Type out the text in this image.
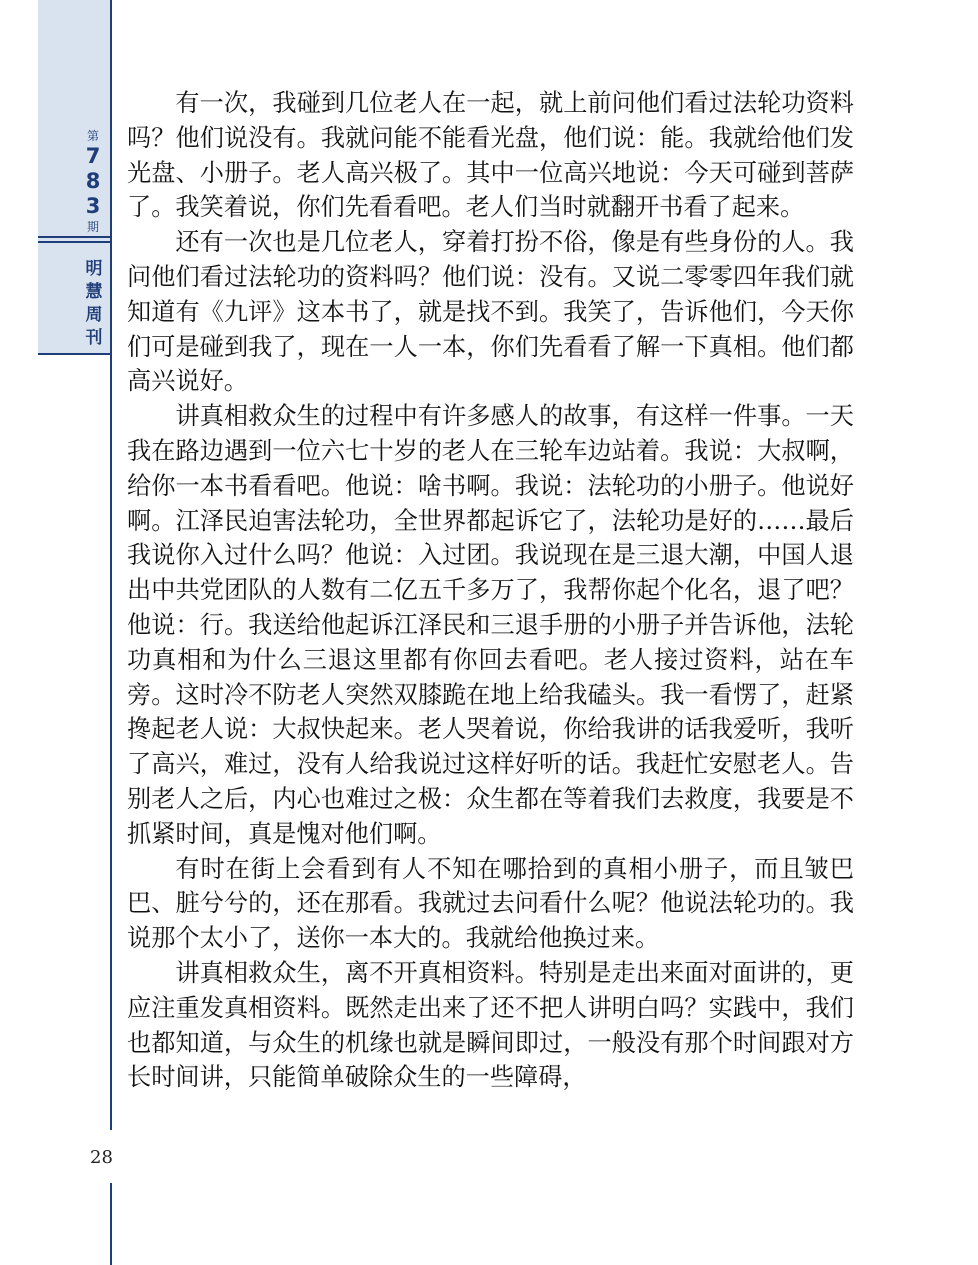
第
7
8
3
期
明
慧
周
刊
28

有一次，我碰到几位老人在一起，就上前问他们看过法轮功资料吗？他们说没有。我就问能不能看光盘，他们说：能。我就给他们发光盘、小册子。老人高兴极了。其中一位高兴地说：今天可碰到菩萨了。我笑着说，你们先看看吧。老人们当时就翻开书看了起来。

还有一次也是几位老人，穿着打扮不俗，像是有些身份的人。我问他们看过法轮功的资料吗？他们说：没有。又说二零零四年我们就知道有《九评》这本书了，就是找不到。我笑了，告诉他们，今天你们可是碰到我了，现在一人一本，你们先看看了解一下真相。他们都高兴说好。

讲真相救众生的过程中有许多感人的故事，有这样一件事。一天我在路边遇到一位六七十岁的老人在三轮车边站着。我说：大叔啊，给你一本书看看吧。他说：啥书啊。我说：法轮功的小册子。他说好啊。江泽民迫害法轮功，全世界都起诉它了，法轮功是好的……最后我说你入过什么吗？他说：入过团。我说现在是三退大潮，中国人退出中共党团队的人数有二亿五千多万了，我帮你起个化名，退了吧？他说：行。我送给他起诉江泽民和三退手册的小册子并告诉他，法轮功真相和为什么三退这里都有你回去看吧。老人接过资料，站在车旁。这时冷不防老人突然双膝跪在地上给我磕头。我一看愣了，赶紧搀起老人说：大叔快起来。老人哭着说，你给我讲的话我爱听，我听了高兴，难过，没有人给我说过这样好听的话。我赶忙安慰老人。告别老人之后，内心也难过之极：众生都在等着我们去救度，我要是不抓紧时间，真是愧对他们啊。

有时在街上会看到有人不知在哪拾到的真相小册子，而且皱巴巴、脏兮兮的，还在那看。我就过去问看什么呢？他说法轮功的。我说那个太小了，送你一本大的。我就给他换过来。

讲真相救众生，离不开真相资料。特别是走出来面对面讲的，更应注重发真相资料。既然走出来了还不把人讲明白吗？实践中，我们也都知道，与众生的机缘也就是瞬间即过，一般没有那个时间跟对方长时间讲，只能简单破除众生的一些障碍，
